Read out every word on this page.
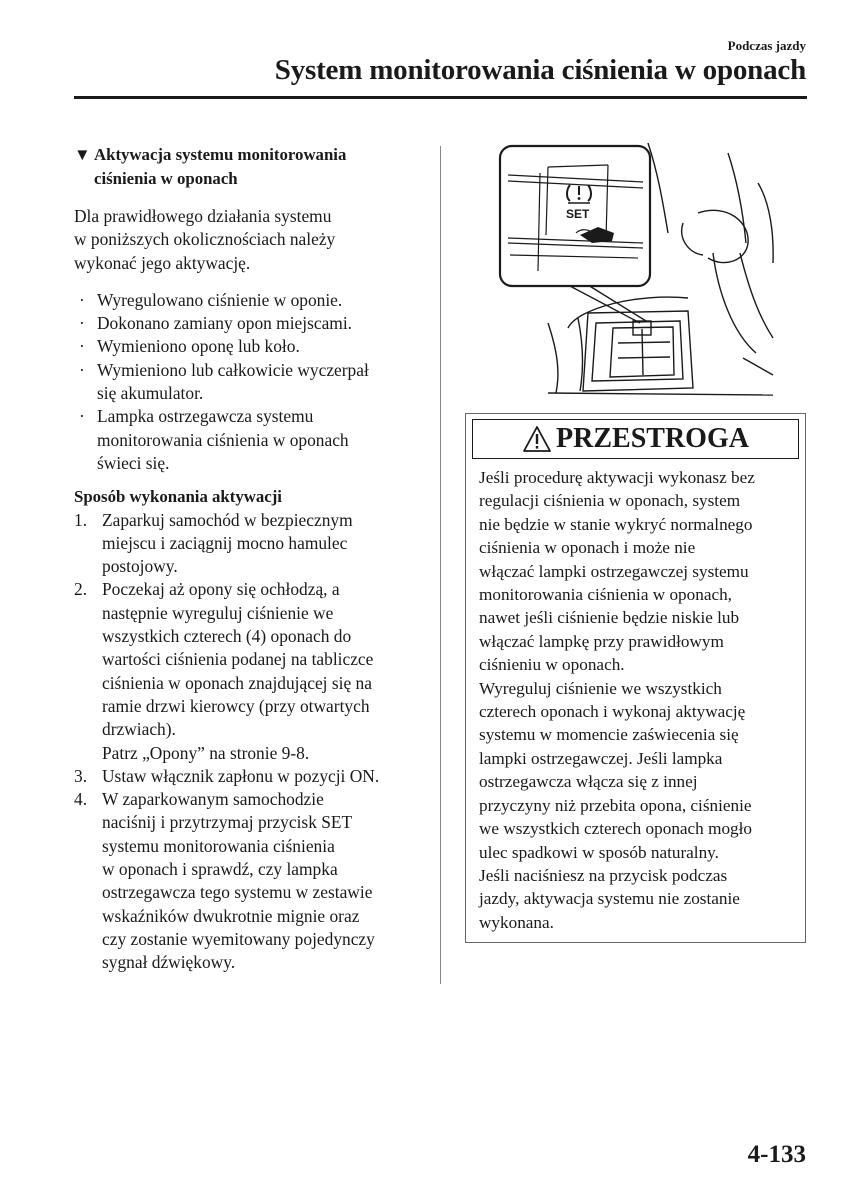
Podczas jazdy
System monitorowania ciśnienia w oponach
▼ Aktywacja systemu monitorowania
ciśnienia w oponach
Dla prawidłowego działania systemu
w poniższych okolicznościach należy
wykonać jego aktywację.
· Wyregulowano ciśnienie w oponie.
· Dokonano zamiany opon miejscami.
· Wymieniono oponę lub koło.
· Wymieniono lub całkowicie wyczerpał
się akumulator.
· Lampka ostrzegawcza systemu
monitorowania ciśnienia w oponach
świeci się.
Sposób wykonania aktywacji
1. Zaparkuj samochód w bezpiecznym
miejscu i zaciągnij mocno hamulec
postojowy.
2. Poczekaj aż opony się ochłodzą, a
następnie wyreguluj ciśnienie we
wszystkich czterech (4) oponach do
wartości ciśnienia podanej na tabliczce
ciśnienia w oponach znajdującej się na
ramie drzwi kierowcy (przy otwartych
drzwiach).
Patrz „Opony” na stronie 9-8.
3. Ustaw włącznik zapłonu w pozycji ON.
4. W zaparkowanym samochodzie
naciśnij i przytrzymaj przycisk SET
systemu monitorowania ciśnienia
w oponach i sprawdź, czy lampka
ostrzegawcza tego systemu w zestawie
wskaźników dwukrotnie mignie oraz
czy zostanie wyemitowany pojedynczy
sygnał dźwiękowy.
SET
PRZESTROGA
Jeśli procedurę aktywacji wykonasz bez
regulacji ciśnienia w oponach, system
nie będzie w stanie wykryć normalnego
ciśnienia w oponach i może nie
włączać lampki ostrzegawczej systemu
monitorowania ciśnienia w oponach,
nawet jeśli ciśnienie będzie niskie lub
włączać lampkę przy prawidłowym
ciśnieniu w oponach.
Wyreguluj ciśnienie we wszystkich
czterech oponach i wykonaj aktywację
systemu w momencie zaświecenia się
lampki ostrzegawczej. Jeśli lampka
ostrzegawcza włącza się z innej
przyczyny niż przebita opona, ciśnienie
we wszystkich czterech oponach mogło
ulec spadkowi w sposób naturalny.
Jeśli naciśniesz na przycisk podczas
jazdy, aktywacja systemu nie zostanie
wykonana.
4-133
